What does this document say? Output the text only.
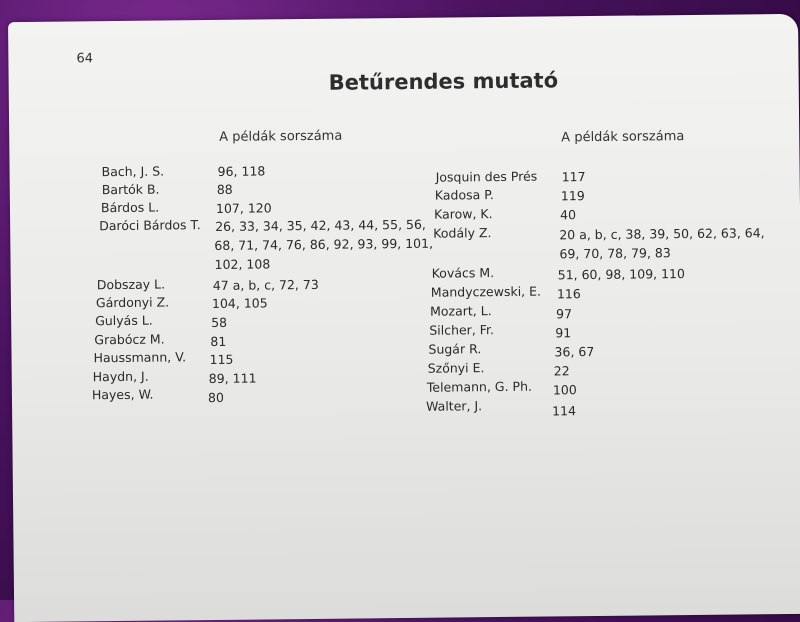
64
Betűrendes mutató
A példák sorszáma	A példák sorszáma
Bach, J. S.	96, 118
Bartók B.	88
Bárdos L.	107, 120
Daróci Bárdos T. 26, 33, 34, 35, 42, 43, 44, 55, 56,
68, 71, 74, 76, 86, 92, 93, 99, 101,
102, 108
Dobszay L.	47 a, b, c, 72, 73
Gárdonyi Z.	104, 105
Gulyás L.	58
Grabócz M.	81
Haussmann, V. 115
Haydn, J.	89, 111
Hayes, W.	80
Josquin des Prés 117
Kadosa P.	119
Karow, K.	40
Kodály Z.	20 a, b, c, 38, 39, 50, 62, 63, 64,
69, 70, 78, 79, 83
Kovács M.	51, 60, 98, 109, 110
Mandyczewski, E. 116
Mozart, L.	97
Silcher, Fr.	91
Sugár R.	36, 67
Szőnyi E.	22
Telemann, G. Ph. 100
Walter, J.	114
